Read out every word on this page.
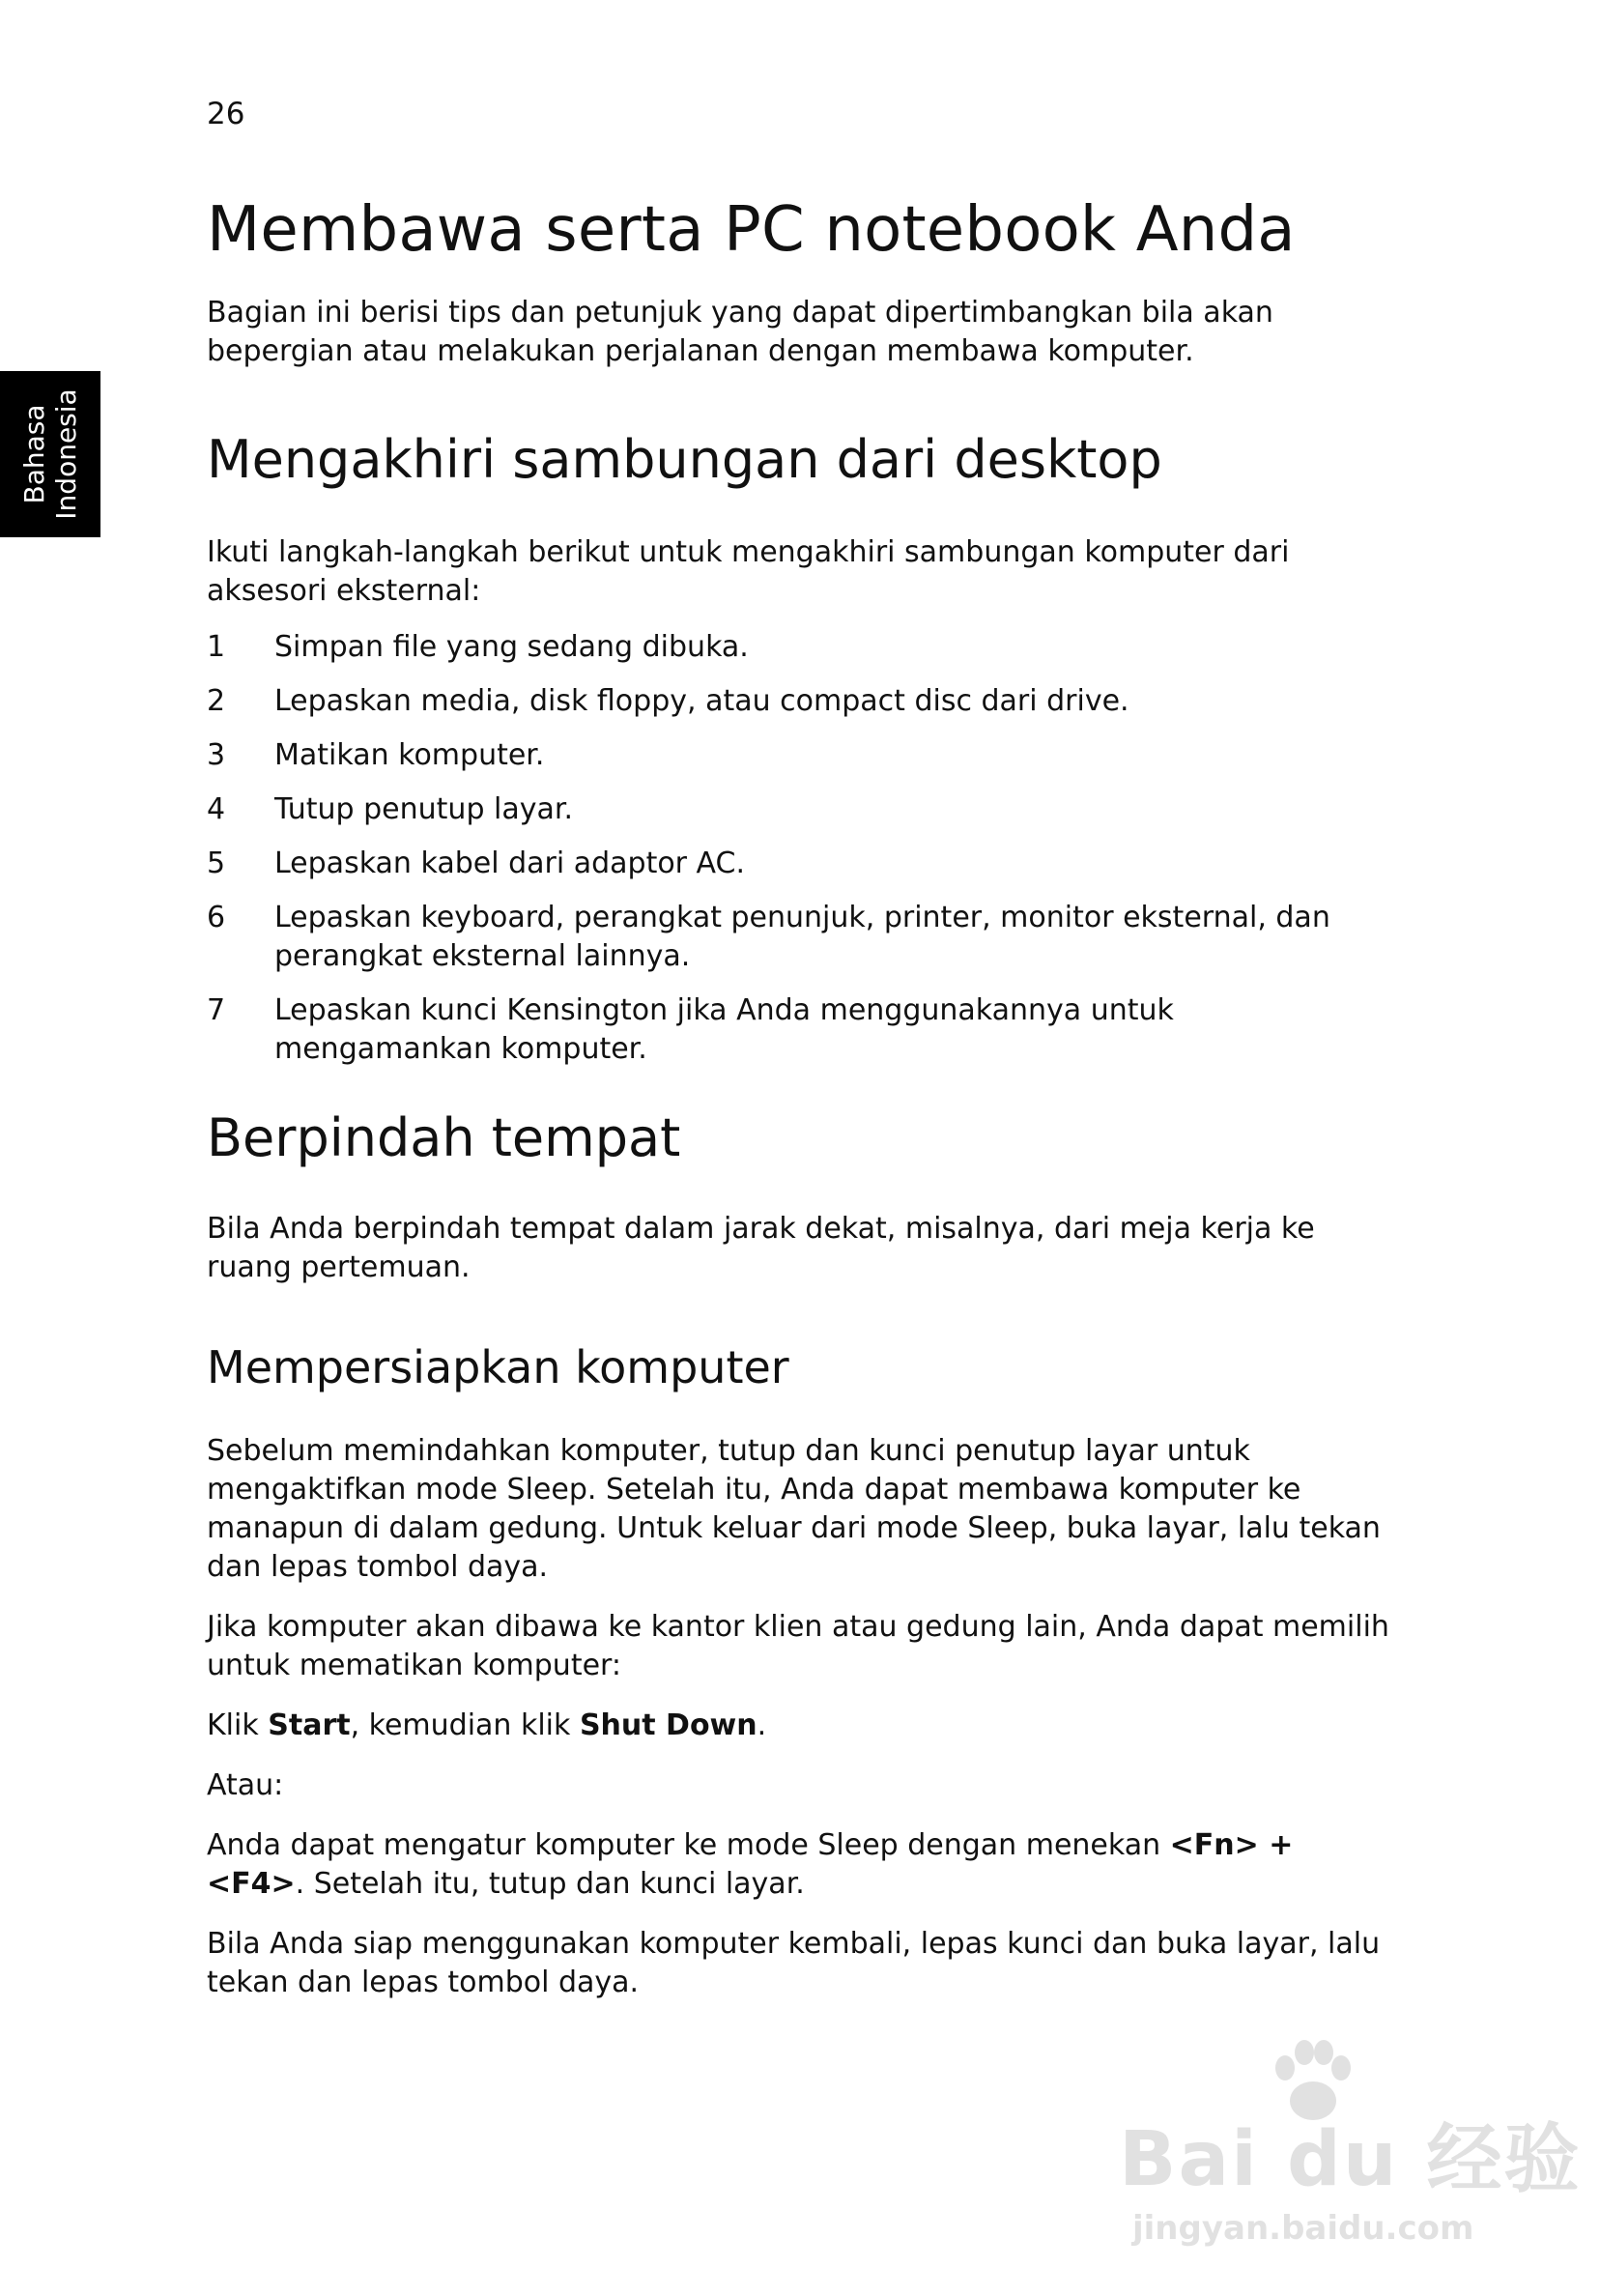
26
Bahasa Indonesia
Membawa serta PC notebook Anda

Bagian ini berisi tips dan petunjuk yang dapat dipertimbangkan bila akan bepergian atau melakukan perjalanan dengan membawa komputer.

Mengakhiri sambungan dari desktop

Ikuti langkah-langkah berikut untuk mengakhiri sambungan komputer dari aksesori eksternal:

1 Simpan file yang sedang dibuka.
2 Lepaskan media, disk floppy, atau compact disc dari drive.
3 Matikan komputer.
4 Tutup penutup layar.
5 Lepaskan kabel dari adaptor AC.
6 Lepaskan keyboard, perangkat penunjuk, printer, monitor eksternal, dan perangkat eksternal lainnya.
7 Lepaskan kunci Kensington jika Anda menggunakannya untuk mengamankan komputer.
Berpindah tempat

Bila Anda berpindah tempat dalam jarak dekat, misalnya, dari meja kerja ke ruang pertemuan.

Mempersiapkan komputer

Sebelum memindahkan komputer, tutup dan kunci penutup layar untuk mengaktifkan mode Sleep. Setelah itu, Anda dapat membawa komputer ke manapun di dalam gedung. Untuk keluar dari mode Sleep, buka layar, lalu tekan dan lepas tombol daya.

Jika komputer akan dibawa ke kantor klien atau gedung lain, Anda dapat memilih untuk mematikan komputer:

Klik Start, kemudian klik Shut Down.

Atau:

Anda dapat mengatur komputer ke mode Sleep dengan menekan <Fn> + <F4>. Setelah itu, tutup dan kunci layar.

Bila Anda siap menggunakan komputer kembali, lepas kunci dan buka layar, lalu tekan dan lepas tombol daya.

Bai du 经验
jingyan.baidu.com
